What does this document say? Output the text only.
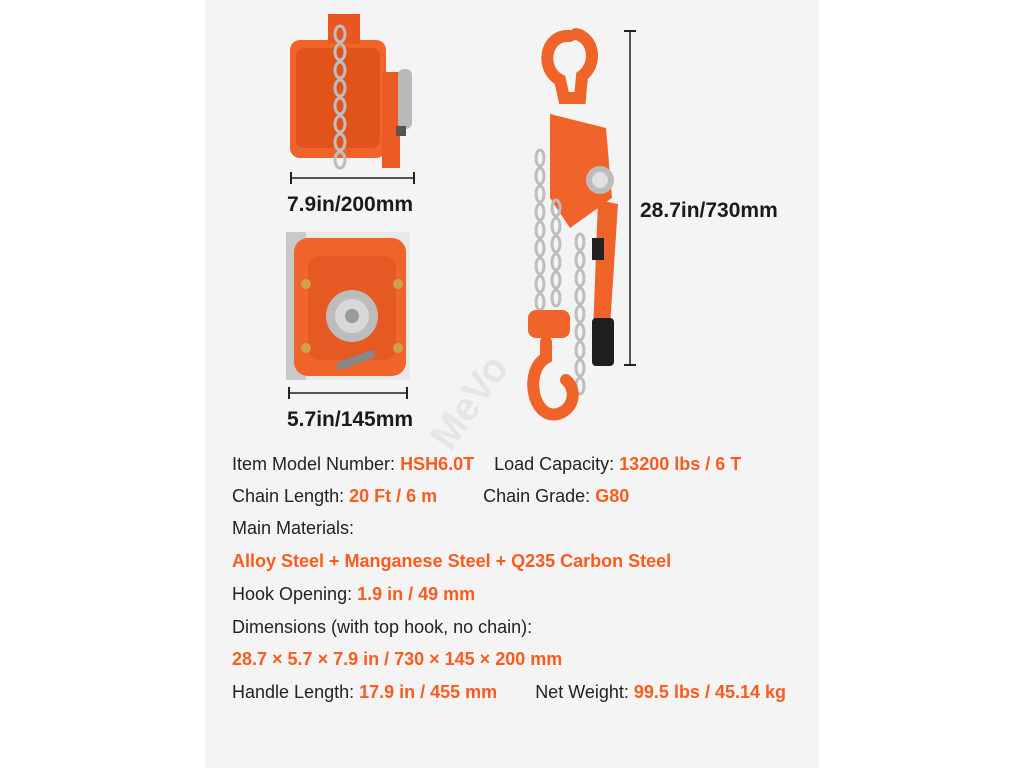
7.9in/200mm
5.7in/145mm
28.7in/730mm
MeVo
Item Model Number: HSH6.0T Load Capacity: 13200 lbs / 6 T
Chain Length: 20 Ft / 6 m	Chain Grade: G80
Main Materials:
Alloy Steel + Manganese Steel + Q235 Carbon Steel
Hook Opening: 1.9 in / 49 mm
Dimensions (with top hook, no chain):
28.7 × 5.7 × 7.9 in / 730 × 145 × 200 mm
Handle Length: 17.9 in / 455 mm Net Weight: 99.5 lbs / 45.14 kg
